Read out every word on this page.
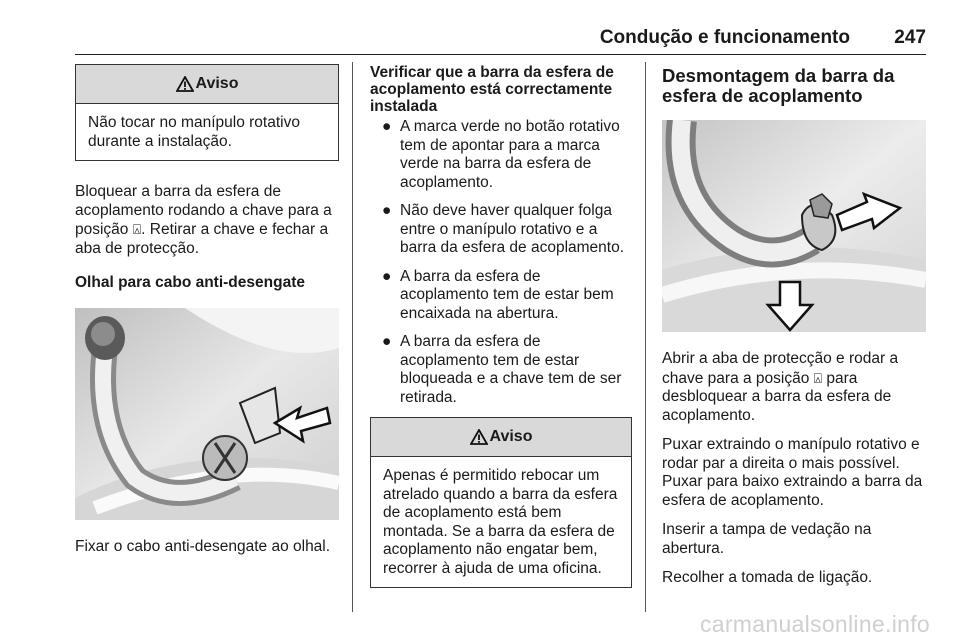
Condução e funcionamento 247
Aviso
Não tocar no manípulo rotativo durante a instalação.

Bloquear a barra da esfera de acoplamento rodando a chave para a posição ⍓. Retirar a chave e fechar a aba de protecção.

Olhal para cabo anti-desengate

Fixar o cabo anti-desengate ao olhal.

Verificar que a barra da esfera de acoplamento está correctamente instalada
● A marca verde no botão rotativo tem de apontar para a marca verde na barra da esfera de acoplamento.
● Não deve haver qualquer folga entre o manípulo rotativo e a barra da esfera de acoplamento.
● A barra da esfera de acoplamento tem de estar bem encaixada na abertura.
● A barra da esfera de acoplamento tem de estar bloqueada e a chave tem de ser retirada.
Aviso
Apenas é permitido rebocar um atrelado quando a barra da esfera de acoplamento está bem montada. Se a barra da esfera de acoplamento não engatar bem, recorrer à ajuda de uma oficina.
Desmontagem da barra da esfera de acoplamento

Abrir a aba de protecção e rodar a chave para a posição ⍓ para desbloquear a barra da esfera de acoplamento.

Puxar extraindo o manípulo rotativo e rodar par a direita o mais possível. Puxar para baixo extraindo a barra da esfera de acoplamento.

Inserir a tampa de vedação na abertura.

Recolher a tomada de ligação.

carmanualsonline.info
